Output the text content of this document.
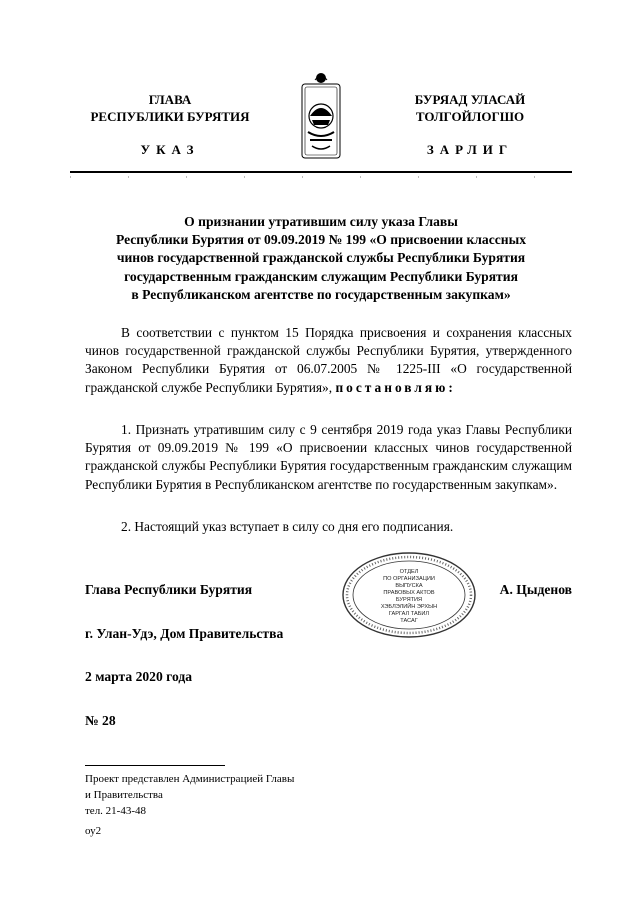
ГЛАВА
РЕСПУБЛИКИ БУРЯТИЯ
БУРЯАД УЛАСАЙ
ТОЛГОЙЛОГШО
УКАЗ	ЗАРЛИГ
О признании утратившим силу указа Главы
Республики Бурятия от 09.09.2019 № 199 «О присвоении классных
чинов государственной гражданской службы Республики Бурятия
государственным гражданским служащим Республики Бурятия
в Республиканском агентстве по государственным закупкам»
В соответствии с пунктом 15 Порядка присвоения и сохранения классных чинов государственной гражданской службы Республики Бурятия, утвержденного Законом Республики Бурятия от 06.07.2005 № 1225-III «О государственной гражданской службе Республики Бурятия», постановляю:
1. Признать утратившим силу с 9 сентября 2019 года указ Главы Республики Бурятия от 09.09.2019 № 199 «О присвоении классных чинов государственной гражданской службы Республики Бурятия государственным гражданским служащим Республики Бурятия в Республиканском агентстве по государственным закупкам».
2. Настоящий указ вступает в силу со дня его подписания.
Глава Республики Бурятия
ОТДЕЛ
ПО ОРГАНИЗАЦИИ
ВЫПУСКА
ПРАВОВЫХ АКТОВ
БУРЯТИЯ
ХЭБЛЭЛИЙН ЭРХЫН
ГАРГАЛ ТАБИЛ
ТАСАГ
А. Цыденов
г. Улан-Удэ, Дом Правительства
2 марта 2020 года
№ 28
Проект представлен Администрацией Главы
и Правительства
тел. 21-43-48
оу2
